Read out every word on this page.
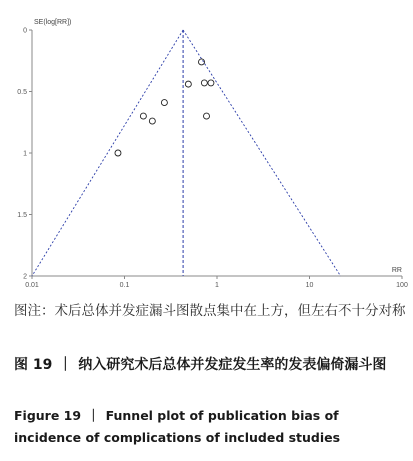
0
0.5
1
1.5
2
0.01	0.1	1	10	100
SE(log[RR])
RR

图注：术后总体并发症漏斗图散点集中在上方，但左右不十分对称

图 19 ｜ 纳入研究术后总体并发症发生率的发表偏倚漏斗图

Figure 19 ｜ Funnel plot of publication bias of incidence of complications of included studies
